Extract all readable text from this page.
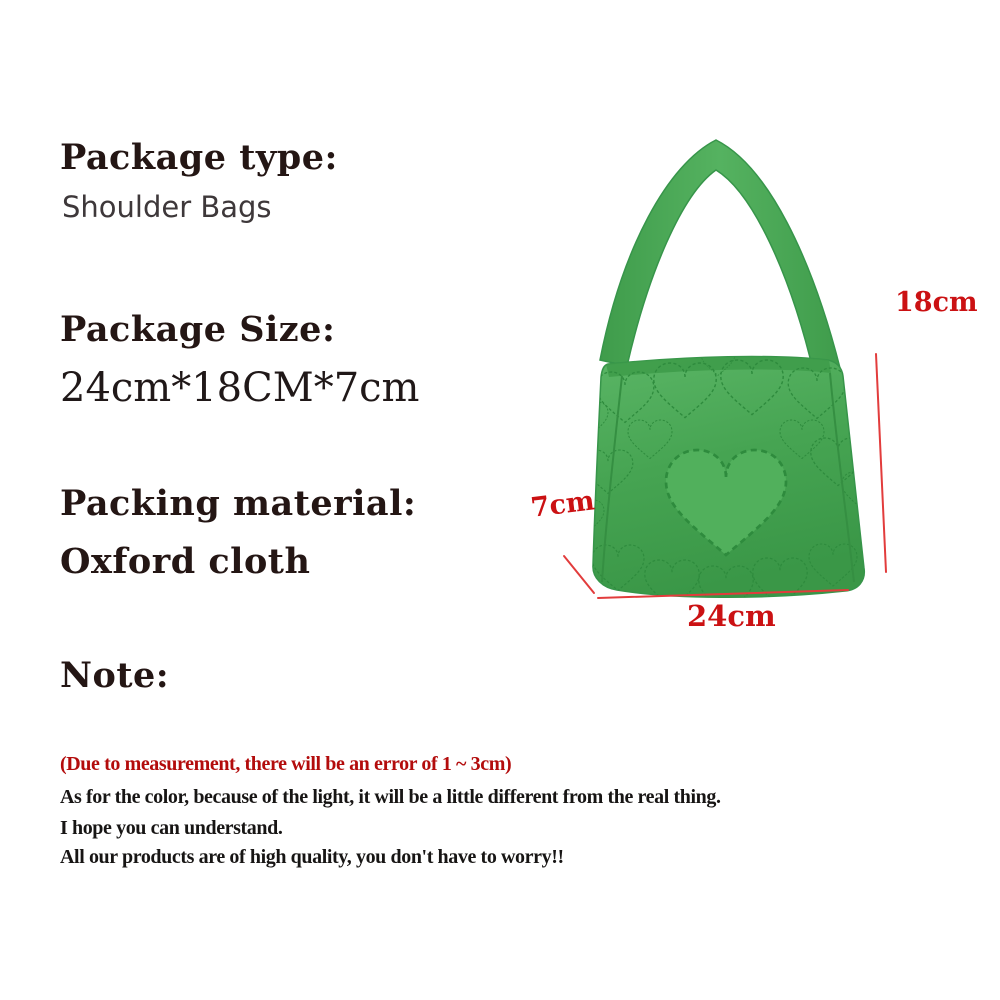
Package type:
Shoulder Bags
Package Size:
24cm*18CM*7cm
Packing material:
Oxford cloth
Note:
(Due to measurement, there will be an error of 1 ~ 3cm)
As for the color, because of the light, it will be a little different from the real thing.
I hope you can understand.
All our products are of high quality, you don't have to worry!!
18cm
7cm
24cm
